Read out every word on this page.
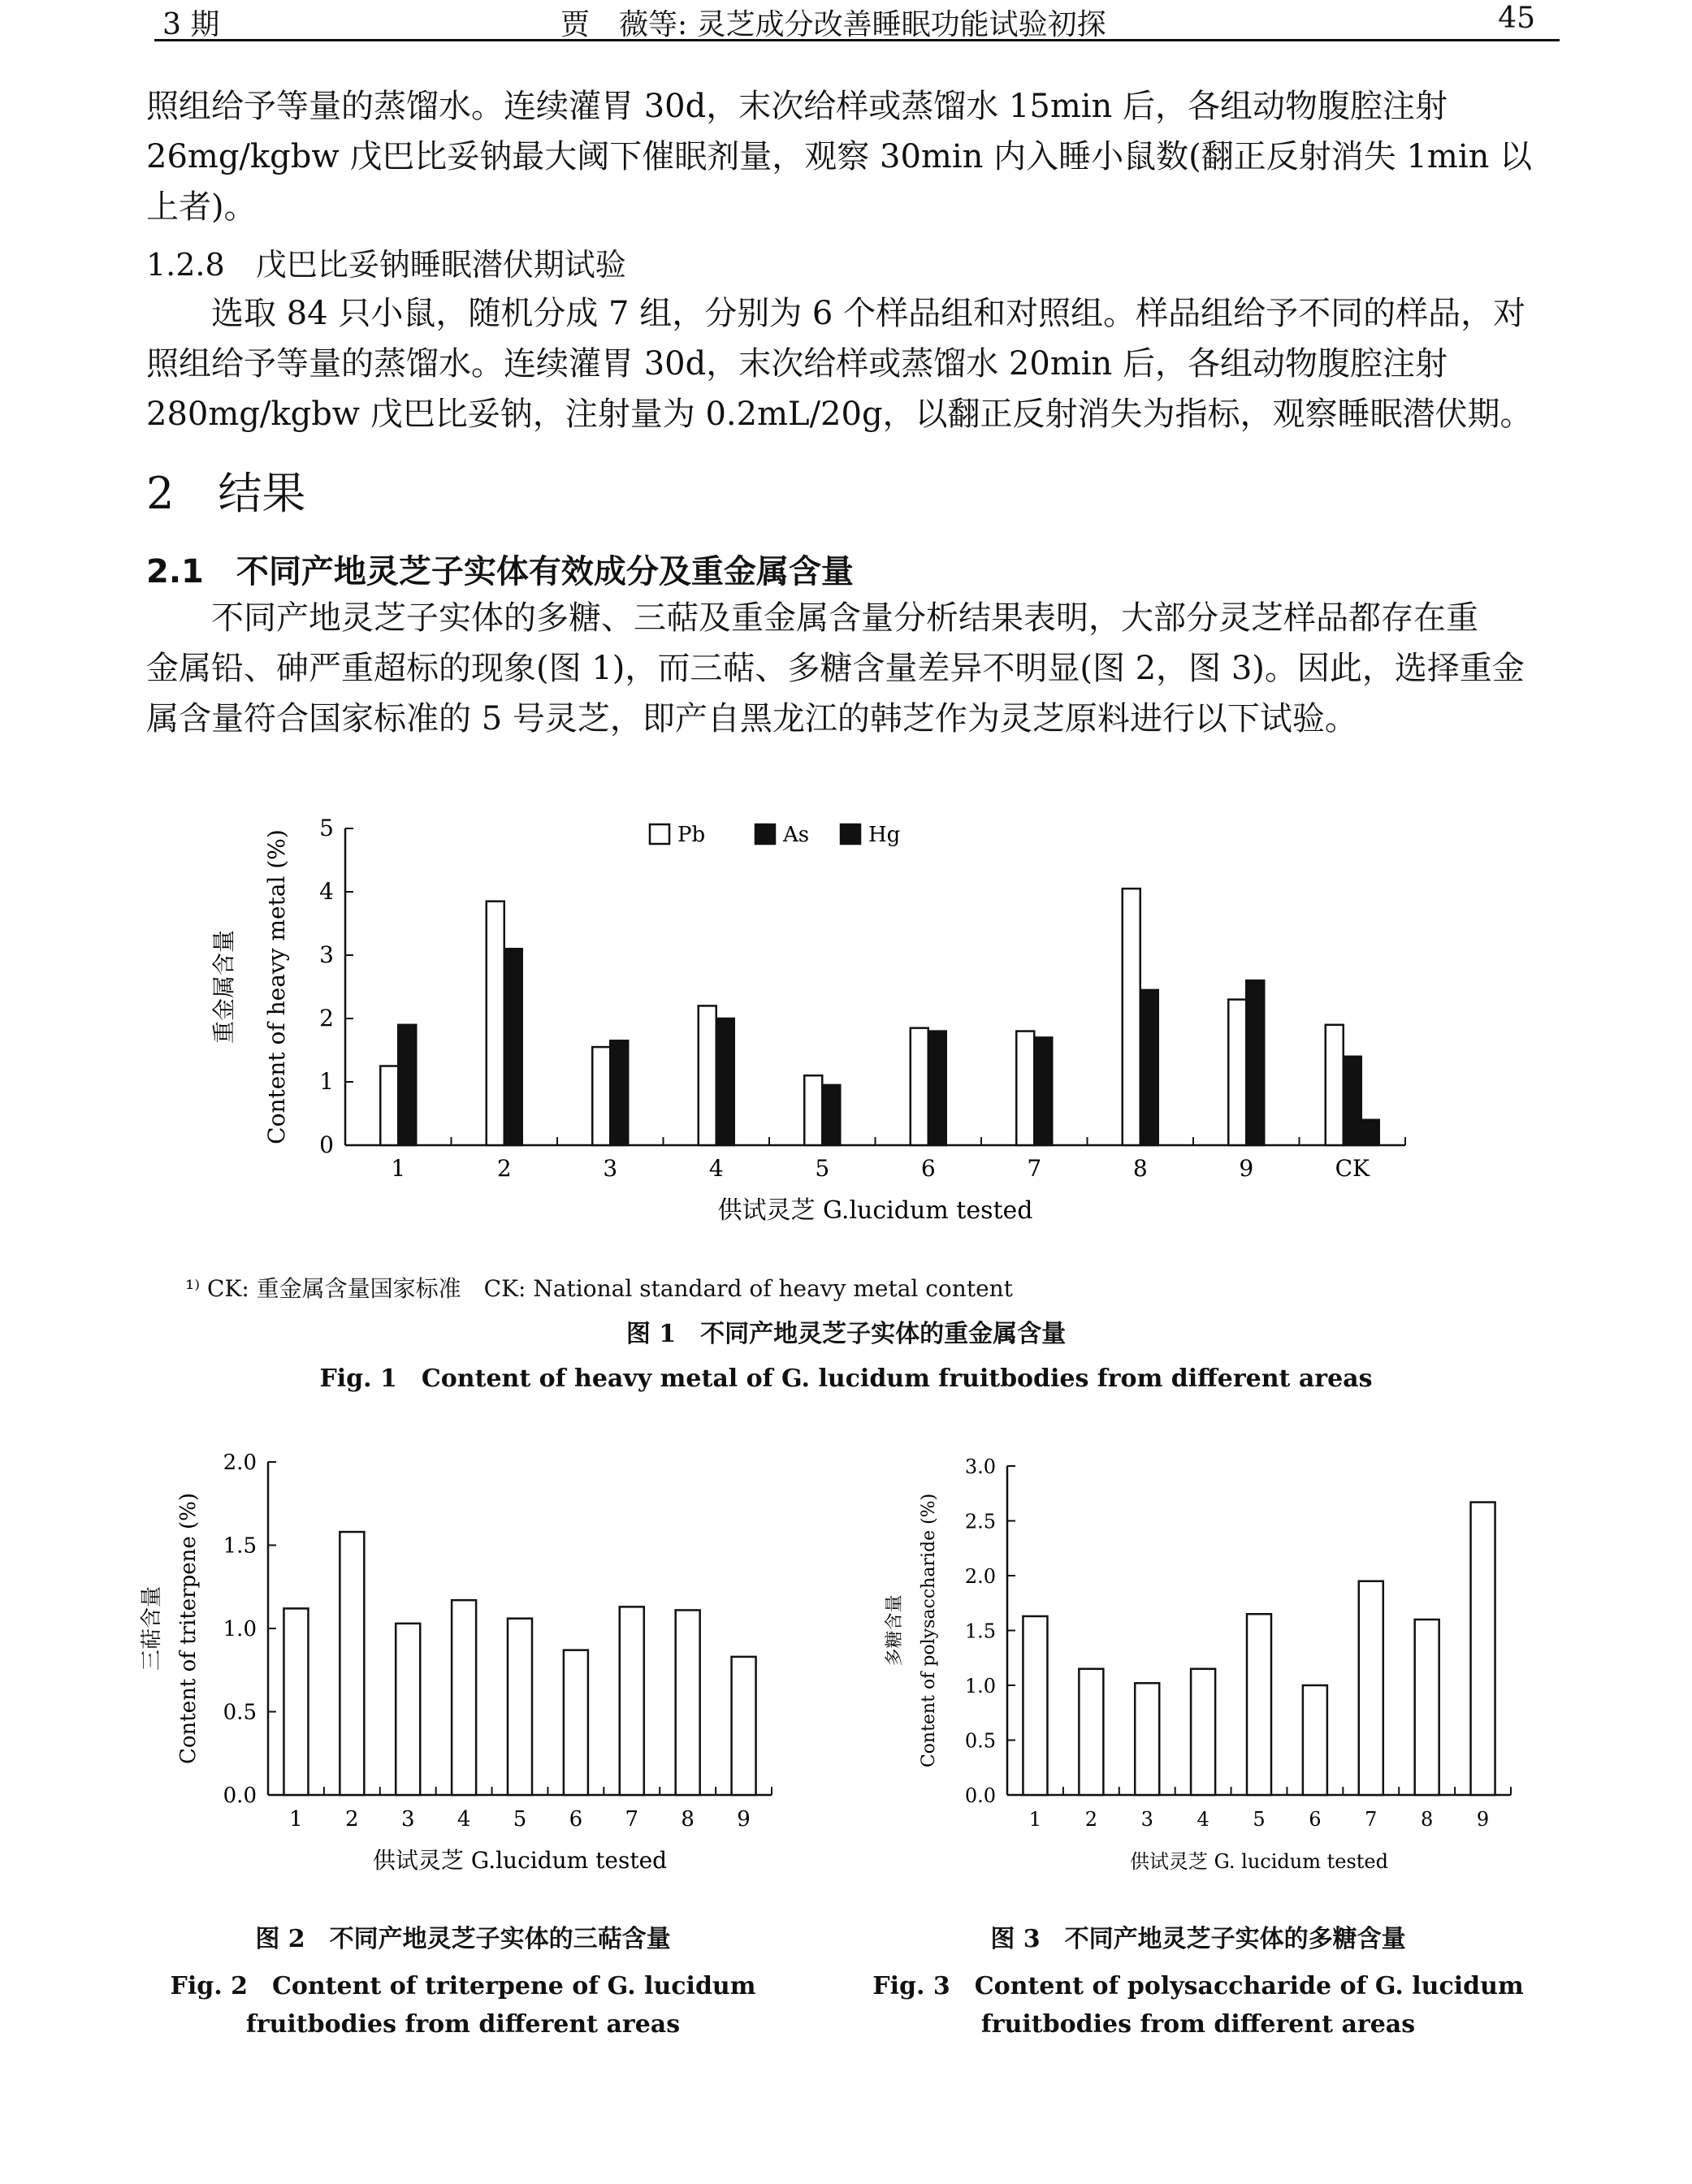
3 期	贾　薇等: 灵芝成分改善睡眠功能试验初探	45
照组给予等量的蒸馏水。连续灌胃 30d，末次给样或蒸馏水 15min 后，各组动物腹腔注射
26mg/kgbw 戊巴比妥钠最大阈下催眠剂量，观察 30min 内入睡小鼠数(翻正反射消失 1min 以
上者)。
1.2.8　戊巴比妥钠睡眠潜伏期试验
　　选取 84 只小鼠，随机分成 7 组，分别为 6 个样品组和对照组。样品组给予不同的样品，对
照组给予等量的蒸馏水。连续灌胃 30d，末次给样或蒸馏水 20min 后，各组动物腹腔注射
280mg/kgbw 戊巴比妥钠，注射量为 0.2mL/20g，以翻正反射消失为指标，观察睡眠潜伏期。
2　结果
2.1　不同产地灵芝子实体有效成分及重金属含量
　　不同产地灵芝子实体的多糖、三萜及重金属含量分析结果表明，大部分灵芝样品都存在重
金属铅、砷严重超标的现象(图 1)，而三萜、多糖含量差异不明显(图 2，图 3)。因此，选择重金
属含量符合国家标准的 5 号灵芝，即产自黑龙江的韩芝作为灵芝原料进行以下试验。
0
1
2
3
4
5
1	2	3	4	5	6	7	8	9	CK
Content of heavy metal (%)
重金属含量
供试灵芝 G.lucidum tested
Pb	As	Hg
¹⁾ CK: 重金属含量国家标准　CK: National standard of heavy metal content
图 1　不同产地灵芝子实体的重金属含量
Fig. 1　Content of heavy metal of G. lucidum fruitbodies from different areas
0.0
0.5
1.0
1.5
2.0
1 2 3 4 5 6 7 8 9
Content of triterpene (%)
三萜含量
供试灵芝 G.lucidum tested
图 2　不同产地灵芝子实体的三萜含量
Fig. 2　Content of triterpene of G. lucidum
fruitbodies from different areas
0.0
0.5
1.0
1.5
2.0
2.5
3.0
1 2 3 4 5 6 7 8 9
Content of polysaccharide (%)
多糖含量
供试灵芝 G. lucidum tested
图 3　不同产地灵芝子实体的多糖含量
Fig. 3　Content of polysaccharide of G. lucidum
fruitbodies from different areas
